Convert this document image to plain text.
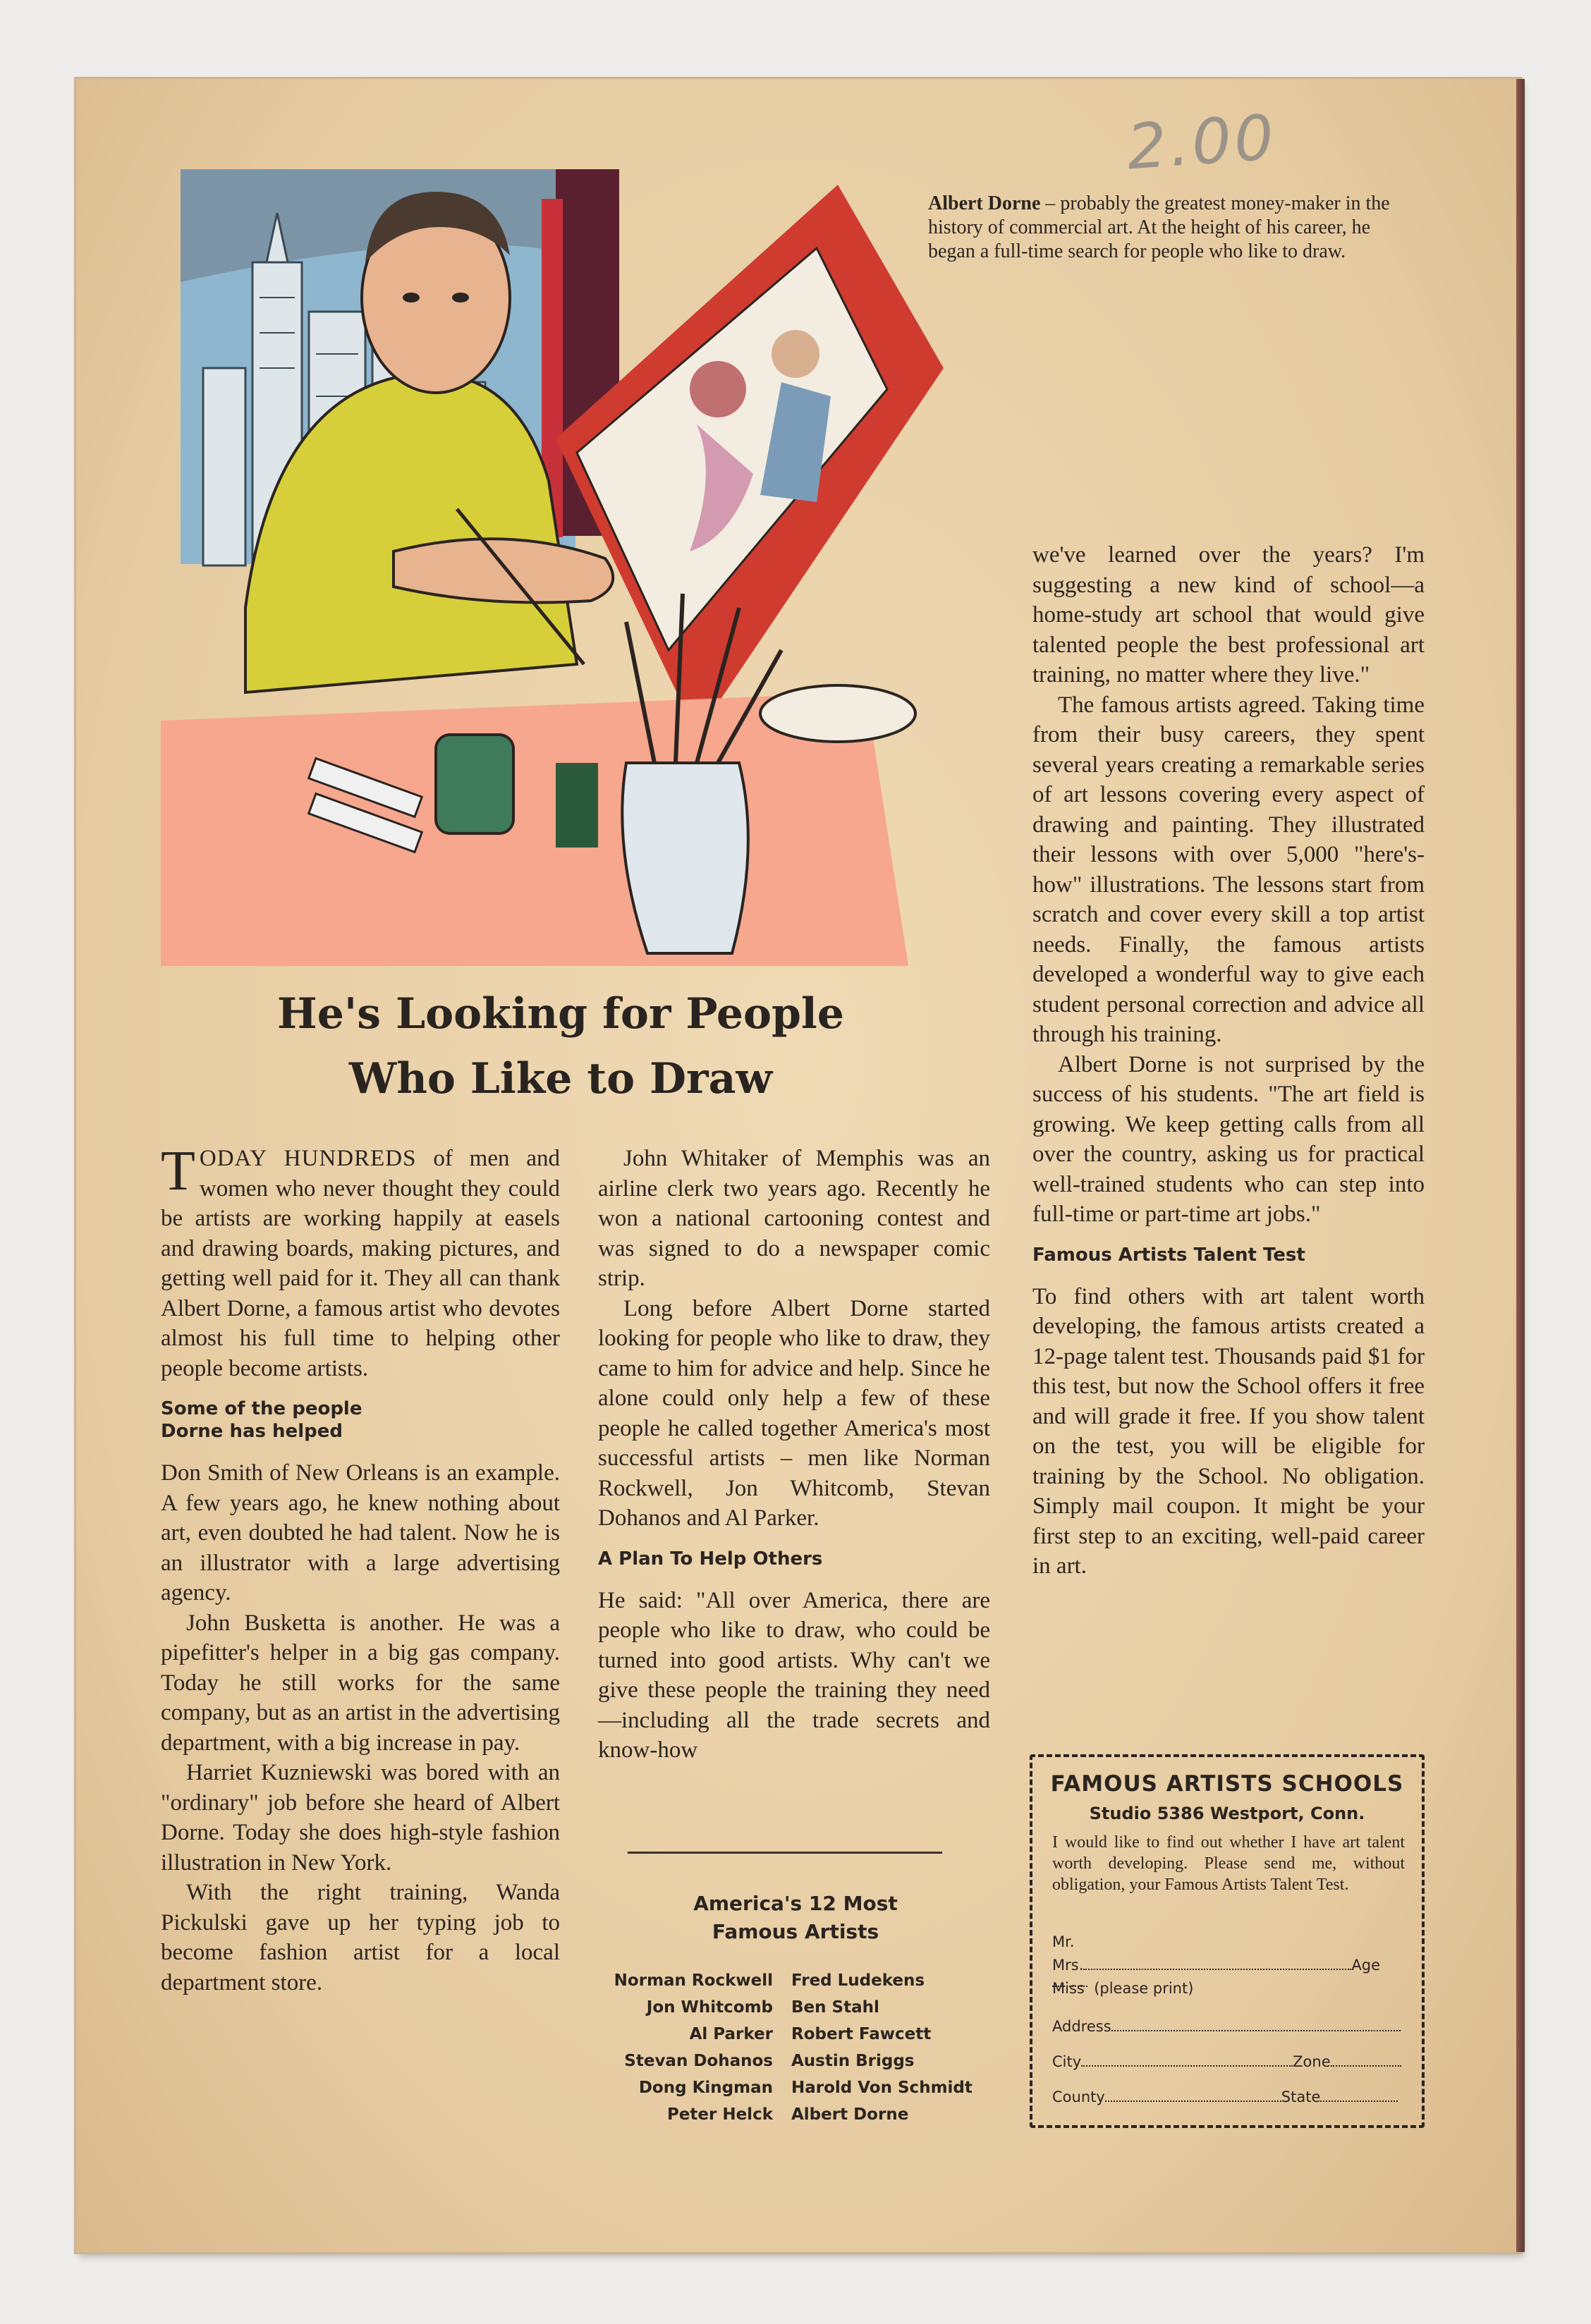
2.00
Albert Dorne – probably the greatest money-maker in the history of commercial art. At the height of his career, he began a full-time search for people who like to draw.
He's Looking for People
Who Like to Draw

TODAY HUNDREDS of men and women who never thought they could be artists are working happily at easels and drawing boards, making pictures, and getting well paid for it. They all can thank Albert Dorne, a famous artist who devotes almost his full time to helping other people become artists.

Some of the people
Dorne has helped

Don Smith of New Orleans is an example. A few years ago, he knew nothing about art, even doubted he had talent. Now he is an illustrator with a large advertising agency.

John Busketta is another. He was a pipefitter's helper in a big gas company. Today he still works for the same company, but as an artist in the advertising department, with a big increase in pay.

Harriet Kuzniewski was bored with an "ordinary" job before she heard of Albert Dorne. Today she does high-style fashion illustration in New York.

With the right training, Wanda Pickulski gave up her typing job to become fashion artist for a local department store.

John Whitaker of Memphis was an airline clerk two years ago. Recently he won a national cartooning contest and was signed to do a newspaper comic strip.

Long before Albert Dorne started looking for people who like to draw, they came to him for advice and help. Since he alone could only help a few of these people he called together America's most successful artists – men like Norman Rockwell, Jon Whitcomb, Stevan Dohanos and Al Parker.

A Plan To Help Others

He said: "All over America, there are people who like to draw, who could be turned into good artists. Why can't we give these people the training they need—including all the trade secrets and know-how

America's 12 Most
Famous Artists
Norman Rockwell	Fred Ludekens
Jon Whitcomb	Ben Stahl
Al Parker	Robert Fawcett
Stevan Dohanos	Austin Briggs
Dong Kingman	Harold Von Schmidt
Peter Helck	Albert Dorne

we've learned over the years? I'm suggesting a new kind of school—a home-study art school that would give talented people the best professional art training, no matter where they live."

The famous artists agreed. Taking time from their busy careers, they spent several years creating a remarkable series of art lessons covering every aspect of drawing and painting. They illustrated their lessons with over 5,000 "here's-how" illustrations. The lessons start from scratch and cover every skill a top artist needs. Finally, the famous artists developed a wonderful way to give each student personal correction and advice all through his training.

Albert Dorne is not surprised by the success of his students. "The art field is growing. We keep getting calls from all over the country, asking us for practical well-trained students who can step into full-time or part-time art jobs."

Famous Artists Talent Test

To find others with art talent worth developing, the famous artists created a 12-page talent test. Thousands paid $1 for this test, but now the School offers it free and will grade it free. If you show talent on the test, you will be eligible for training by the School. No obligation. Simply mail coupon. It might be your first step to an exciting, well-paid career in art.

FAMOUS ARTISTS SCHOOLS
Studio 5386 Westport, Conn.
I would like to find out whether I have art talent worth developing. Please send me, without obligation, your Famous Artists Talent Test.
Mr.
Mrs.	Age
Miss (please print)
Address
City	Zone
County	State
